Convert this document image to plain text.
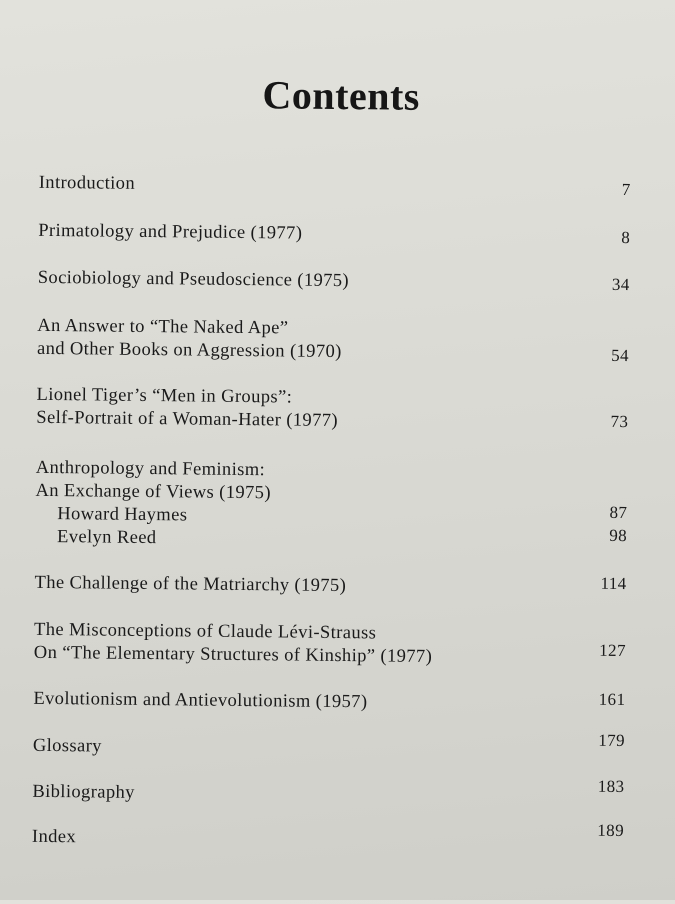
Contents
Introduction	7
Primatology and Prejudice (1977)	8
Sociobiology and Pseudoscience (1975)	34
An Answer to “The Naked Ape”
and Other Books on Aggression (1970)	54
Lionel Tiger’s “Men in Groups”:
Self-Portrait of a Woman-Hater (1977)	73
Anthropology and Feminism:
An Exchange of Views (1975)
Howard Haymes	87
Evelyn Reed	98
The Challenge of the Matriarchy (1975)	114
The Misconceptions of Claude Lévi-Strauss
On “The Elementary Structures of Kinship” (1977)	127
Evolutionism and Antievolutionism (1957)	161
Glossary	179
Bibliography	183
Index	189
